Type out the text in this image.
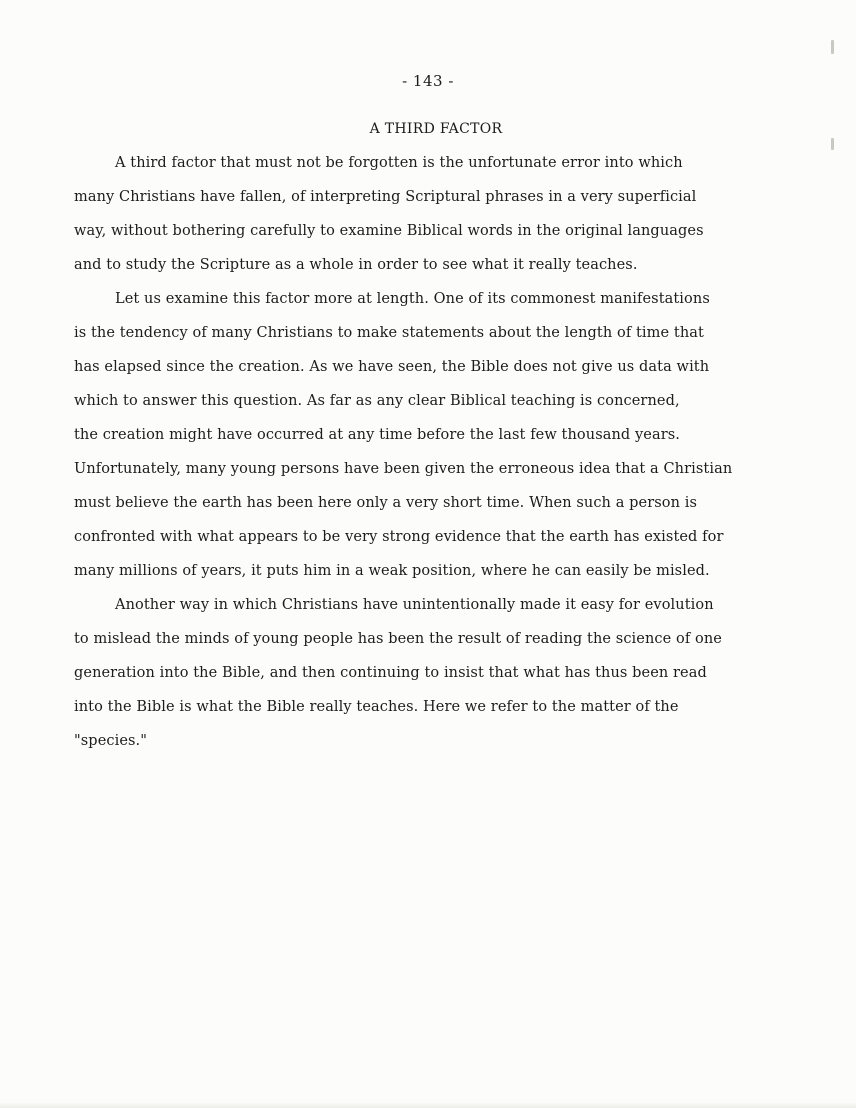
- 143 -
A THIRD FACTOR
A third factor that must not be forgotten is the unfortunate error into which
many Christians have fallen, of interpreting Scriptural phrases in a very superficial
way, without bothering carefully to examine Biblical words in the original languages
and to study the Scripture as a whole in order to see what it really teaches.
Let us examine this factor more at length. One of its commonest manifestations
is the tendency of many Christians to make statements about the length of time that
has elapsed since the creation. As we have seen, the Bible does not give us data with
which to answer this question. As far as any clear Biblical teaching is concerned,
the creation might have occurred at any time before the last few thousand years.
Unfortunately, many young persons have been given the erroneous idea that a Christian
must believe the earth has been here only a very short time. When such a person is
confronted with what appears to be very strong evidence that the earth has existed for
many millions of years, it puts him in a weak position, where he can easily be misled.
Another way in which Christians have unintentionally made it easy for evolution
to mislead the minds of young people has been the result of reading the science of one
generation into the Bible, and then continuing to insist that what has thus been read
into the Bible is what the Bible really teaches. Here we refer to the matter of the
"species."
